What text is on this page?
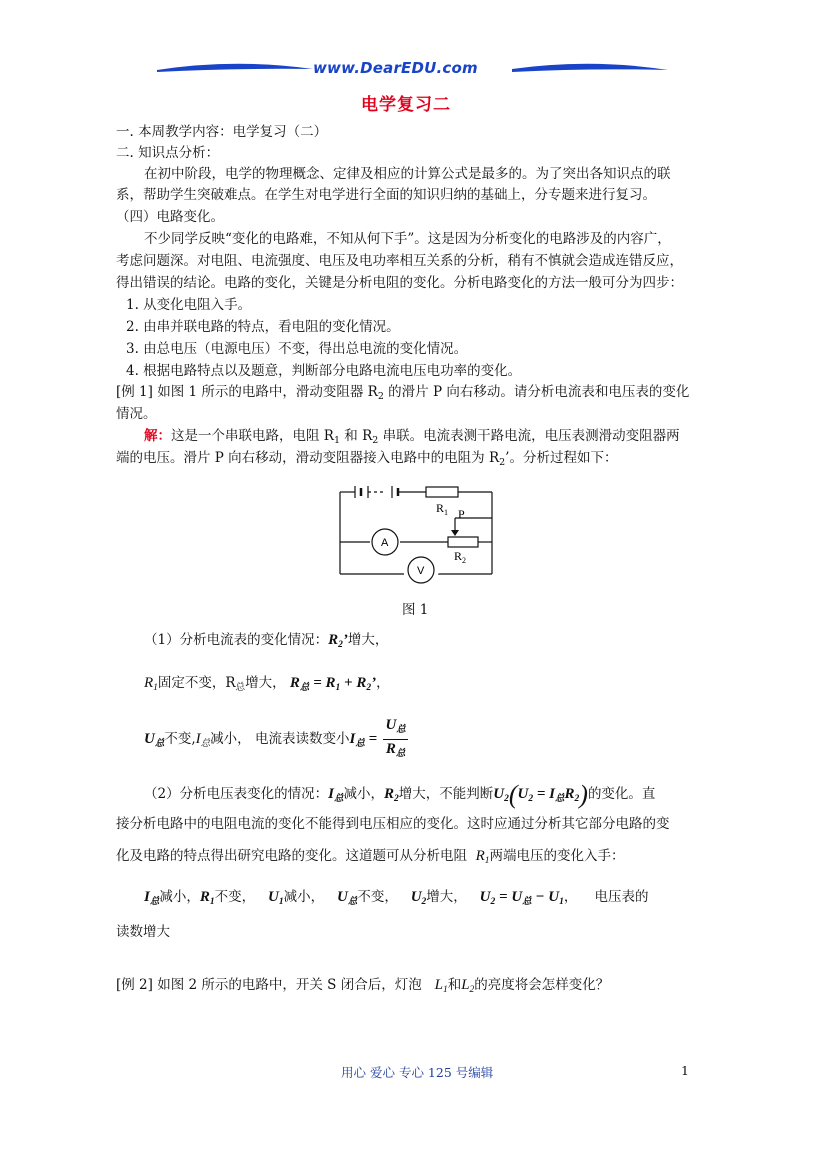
www.DearEDU.com
电学复习二
一. 本周教学内容：电学复习（二）
二. 知识点分析：
在初中阶段，电学的物理概念、定律及相应的计算公式是最多的。为了突出各知识点的联
系，帮助学生突破难点。在学生对电学进行全面的知识归纳的基础上，分专题来进行复习。
（四）电路变化。
不少同学反映“变化的电路难，不知从何下手”。这是因为分析变化的电路涉及的内容广，
考虑问题深。对电阻、电流强度、电压及电功率相互关系的分析，稍有不慎就会造成连错反应，
得出错误的结论。电路的变化，关键是分析电阻的变化。分析电路变化的方法一般可分为四步：
1. 从变化电阻入手。
2. 由串并联电路的特点，看电阻的变化情况。
3. 由总电压（电源电压）不变，得出总电流的变化情况。
4. 根据电路特点以及题意，判断部分电路电流电压电功率的变化。
[例 1] 如图 1 所示的电路中，滑动变阻器 $R_2$ 的滑片 P 向右移动。请分析电流表和电压表的变化
情况。
解：这是一个串联电路，电阻 $R_1$ 和 $R_2$ 串联。电流表测干路电流，电压表测滑动变阻器两
端的电压。滑片 P 向右移动，滑动变阻器接入电路中的电阻为 $R_2$’。分析过程如下：
$R_1$ P
$R_2$
A
V
图 1
（1）分析电流表的变化情况：$R_2$’增大，
$R_1$固定不变，$R_总$增大， $R_总 = R_1 + R_2$’，
$U_总$不变$,I_总$减小， 电流表读数变小$I_总 = \frac{U_总}{R_总}$
（2）分析电压表变化的情况：$I_总$减小，$R_2$增大，不能判断$U_2(U_2 = I_总R_2)$的变化。直
接分析电路中的电阻电流的变化不能得到电压相应的变化。这时应通过分析其它部分电路的变
化及电路的特点得出研究电路的变化。这道题可从分析电阻 $R_1$两端电压的变化入手：
$I_总$减小，$R_1$不变， $U_1$减小， $U_总$不变， $U_2$增大， $U_2 = U_总 - U_1$， 电压表的
读数增大
[例 2] 如图 2 所示的电路中，开关 S 闭合后，灯泡 $L_1$和$L_2$的亮度将会怎样变化？
用心 爱心 专心 125 号编辑	1
